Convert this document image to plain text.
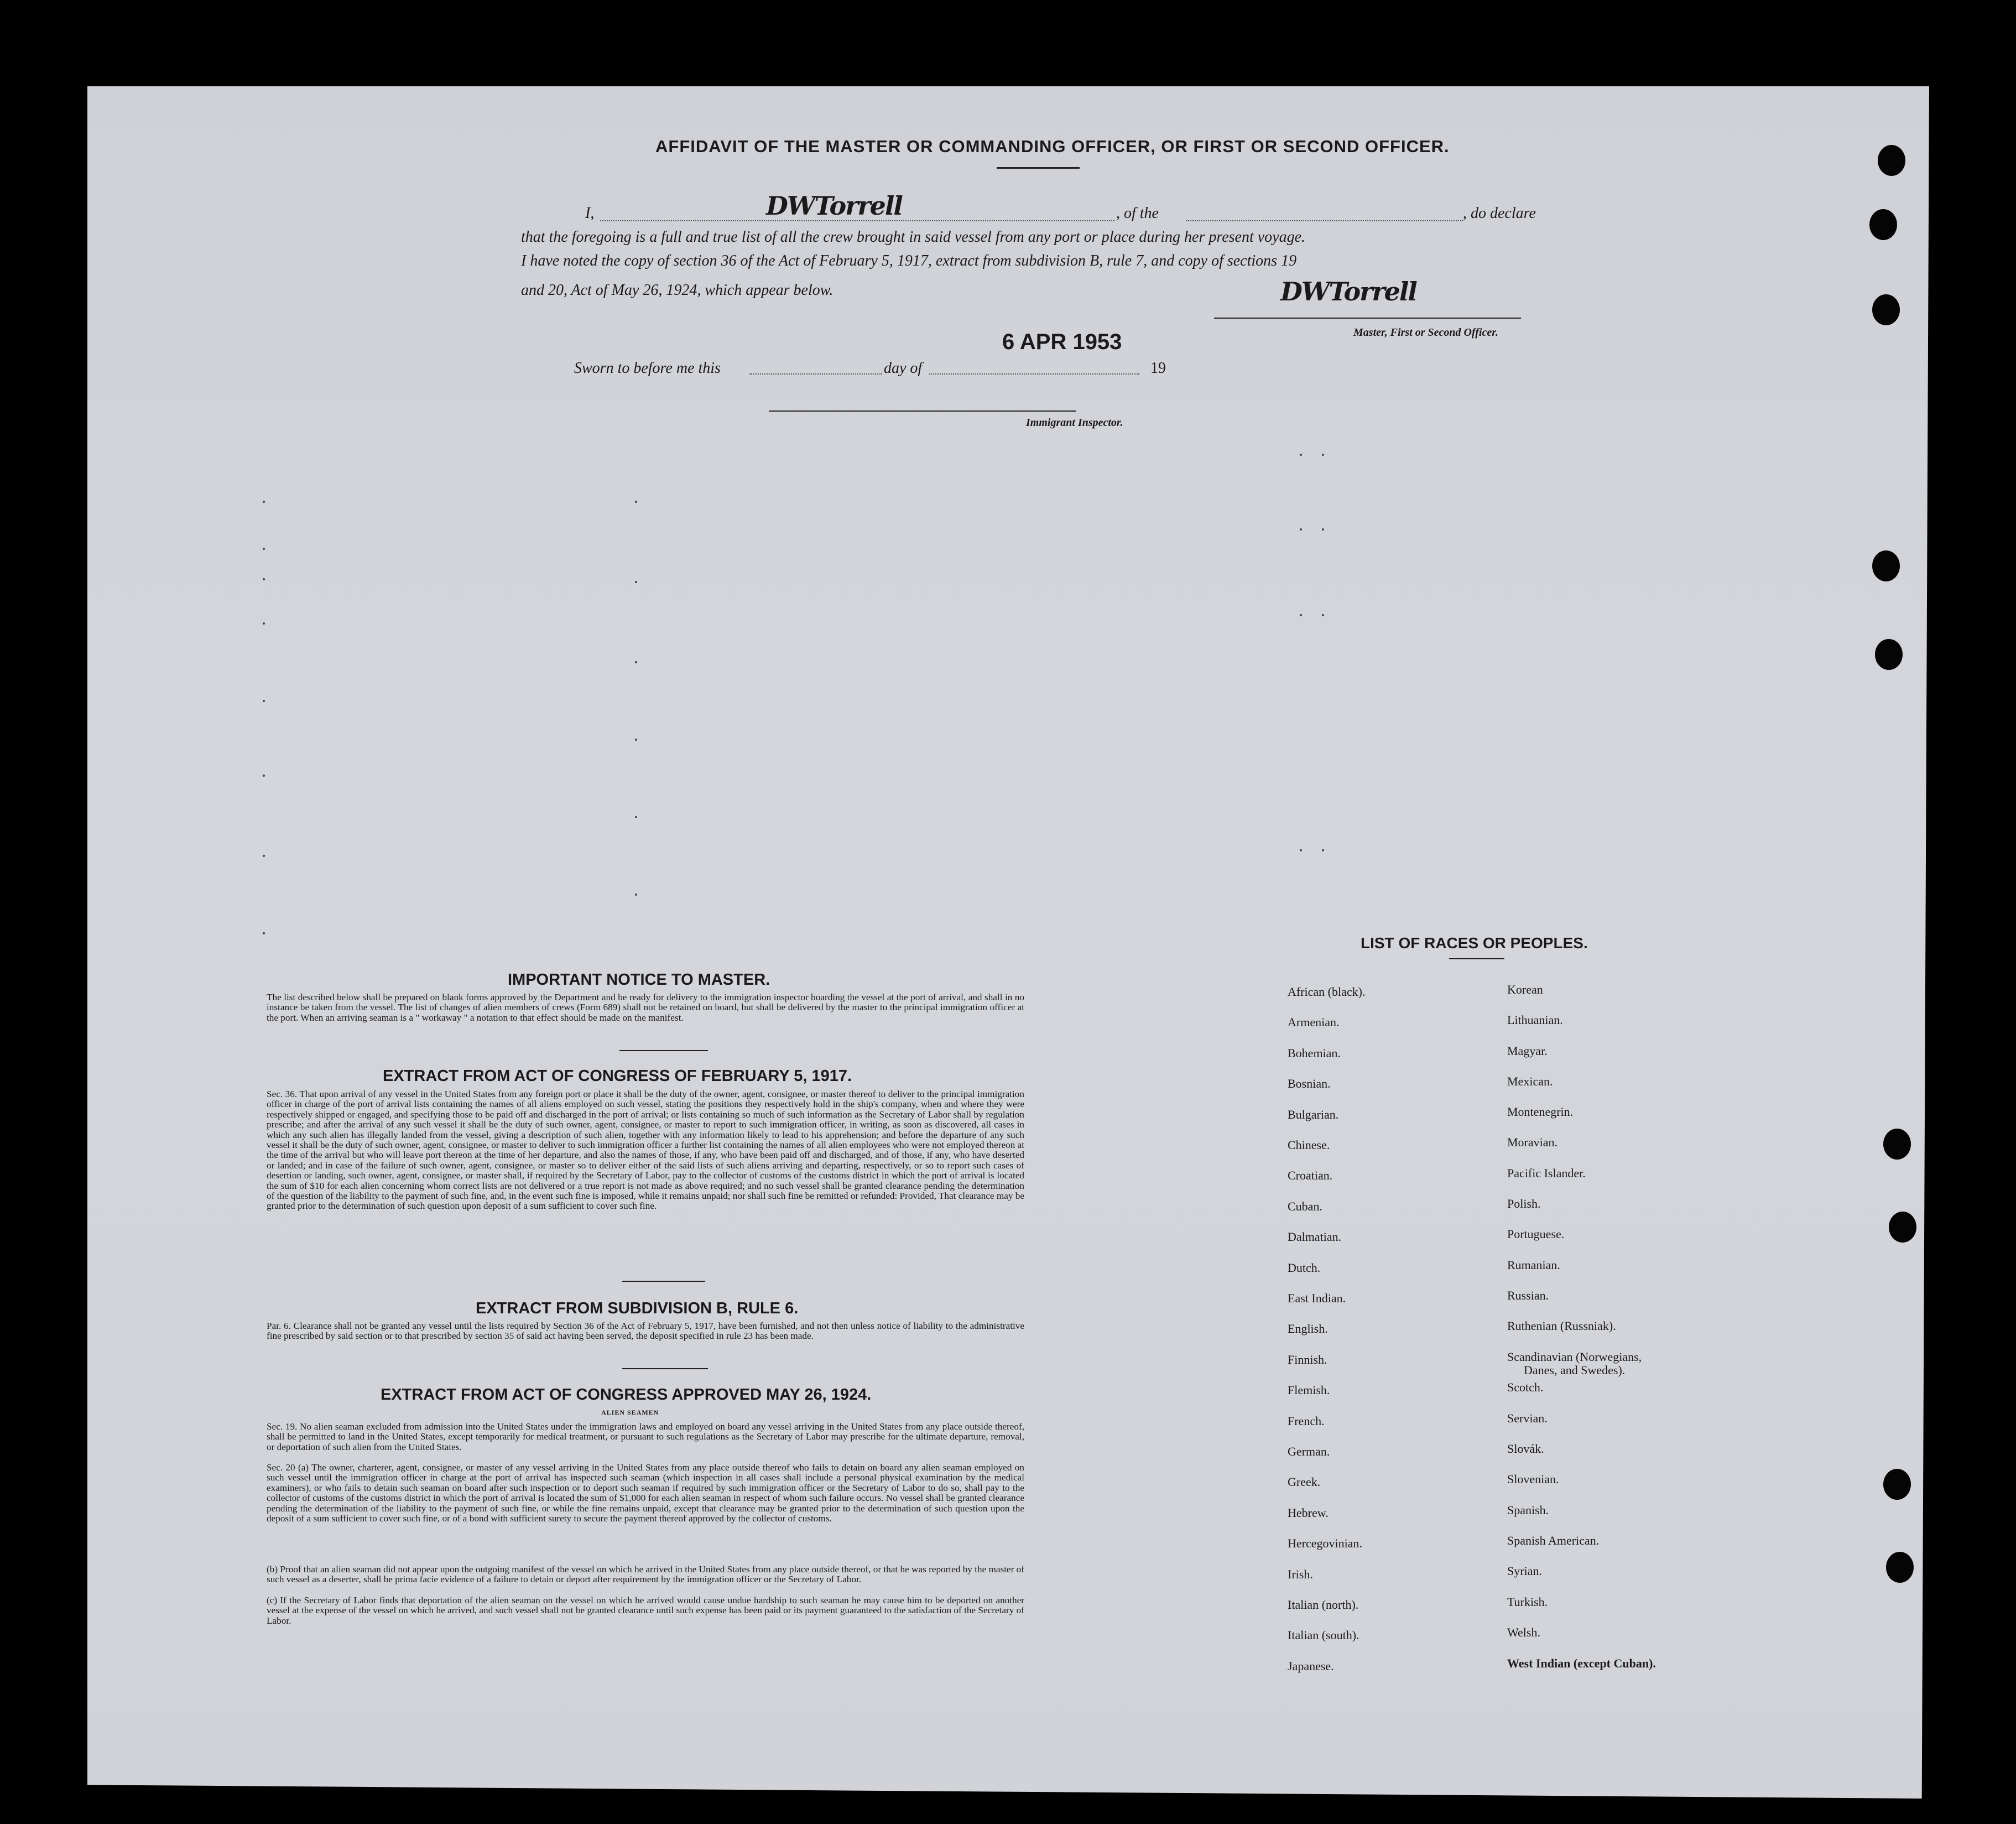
AFFIDAVIT OF THE MASTER OR COMMANDING OFFICER, OR FIRST OR SECOND OFFICER.
I,	DWTorrell	, of the	, do declare
that the foregoing is a full and true list of all the crew brought in said vessel from any port or place during her present voyage.
I have noted the copy of section 36 of the Act of February 5, 1917, extract from subdivision B, rule 7, and copy of sections 19
and 20, Act of May 26, 1924, which appear below.	DWTorrell
Master, First or Second Officer.
6 APR 1953
Sworn to before me this	day of	19
Immigrant Inspector.
IMPORTANT NOTICE TO MASTER.
The list described below shall be prepared on blank forms approved by the Department and be ready for delivery to the immigration inspector boarding the vessel at the port of arrival, and shall in no instance be taken from the vessel. The list of changes of alien members of crews (Form 689) shall not be retained on board, but shall be delivered by the master to the principal immigration officer at the port. When an arriving seaman is a " workaway " a notation to that effect should be made on the manifest.
EXTRACT FROM ACT OF CONGRESS OF FEBRUARY 5, 1917.
Sec. 36. That upon arrival of any vessel in the United States from any foreign port or place it shall be the duty of the owner, agent, consignee, or master thereof to deliver to the principal immigration officer in charge of the port of arrival lists containing the names of all aliens employed on such vessel, stating the positions they respectively hold in the ship's company, when and where they were respectively shipped or engaged, and specifying those to be paid off and discharged in the port of arrival; or lists containing so much of such information as the Secretary of Labor shall by regulation prescribe; and after the arrival of any such vessel it shall be the duty of such owner, agent, consignee, or master to report to such immigration officer, in writing, as soon as discovered, all cases in which any such alien has illegally landed from the vessel, giving a description of such alien, together with any information likely to lead to his apprehension; and before the departure of any such vessel it shall be the duty of such owner, agent, consignee, or master to deliver to such immigration officer a further list containing the names of all alien employees who were not employed thereon at the time of the arrival but who will leave port thereon at the time of her departure, and also the names of those, if any, who have been paid off and discharged, and of those, if any, who have deserted or landed; and in case of the failure of such owner, agent, consignee, or master so to deliver either of the said lists of such aliens arriving and departing, respectively, or so to report such cases of desertion or landing, such owner, agent, consignee, or master shall, if required by the Secretary of Labor, pay to the collector of customs of the customs district in which the port of arrival is located the sum of $10 for each alien concerning whom correct lists are not delivered or a true report is not made as above required; and no such vessel shall be granted clearance pending the determination of the question of the liability to the payment of such fine, and, in the event such fine is imposed, while it remains unpaid; nor shall such fine be remitted or refunded: Provided, That clearance may be granted prior to the determination of such question upon deposit of a sum sufficient to cover such fine.
EXTRACT FROM SUBDIVISION B, RULE 6.
Par. 6. Clearance shall not be granted any vessel until the lists required by Section 36 of the Act of February 5, 1917, have been furnished, and not then unless notice of liability to the administrative fine prescribed by said section or to that prescribed by section 35 of said act having been served, the deposit specified in rule 23 has been made.
EXTRACT FROM ACT OF CONGRESS APPROVED MAY 26, 1924.
ALIEN SEAMEN
Sec. 19. No alien seaman excluded from admission into the United States under the immigration laws and employed on board any vessel arriving in the United States from any place outside thereof, shall be permitted to land in the United States, except temporarily for medical treatment, or pursuant to such regulations as the Secretary of Labor may prescribe for the ultimate departure, removal, or deportation of such alien from the United States.
Sec. 20 (a) The owner, charterer, agent, consignee, or master of any vessel arriving in the United States from any place outside thereof who fails to detain on board any alien seaman employed on such vessel until the immigration officer in charge at the port of arrival has inspected such seaman (which inspection in all cases shall include a personal physical examination by the medical examiners), or who fails to detain such seaman on board after such inspection or to deport such seaman if required by such immigration officer or the Secretary of Labor to do so, shall pay to the collector of customs of the customs district in which the port of arrival is located the sum of $1,000 for each alien seaman in respect of whom such failure occurs. No vessel shall be granted clearance pending the determination of the liability to the payment of such fine, or while the fine remains unpaid, except that clearance may be granted prior to the determination of such question upon the deposit of a sum sufficient to cover such fine, or of a bond with sufficient surety to secure the payment thereof approved by the collector of customs.
(b) Proof that an alien seaman did not appear upon the outgoing manifest of the vessel on which he arrived in the United States from any place outside thereof, or that he was reported by the master of such vessel as a deserter, shall be prima facie evidence of a failure to detain or deport after requirement by the immigration officer or the Secretary of Labor.
(c) If the Secretary of Labor finds that deportation of the alien seaman on the vessel on which he arrived would cause undue hardship to such seaman he may cause him to be deported on another vessel at the expense of the vessel on which he arrived, and such vessel shall not be granted clearance until such expense has been paid or its payment guaranteed to the satisfaction of the Secretary of Labor.
LIST OF RACES OR PEOPLES.
African (black).
Armenian.
Bohemian.
Bosnian.
Bulgarian.
Chinese.
Croatian.
Cuban.
Dalmatian.
Dutch.
East Indian.
English.
Finnish.
Flemish.
French.
German.
Greek.
Hebrew.
Hercegovinian.
Irish.
Italian (north).
Italian (south).
Japanese.
Korean
Lithuanian.
Magyar.
Mexican.
Montenegrin.
Moravian.
Pacific Islander.
Polish.
Portuguese.
Rumanian.
Russian.
Ruthenian (Russniak).
Scandinavian (Norwegians,
Danes, and Swedes).
Scotch.
Servian.
Slovák.
Slovenian.
Spanish.
Spanish American.
Syrian.
Turkish.
Welsh.
West Indian (except Cuban).
